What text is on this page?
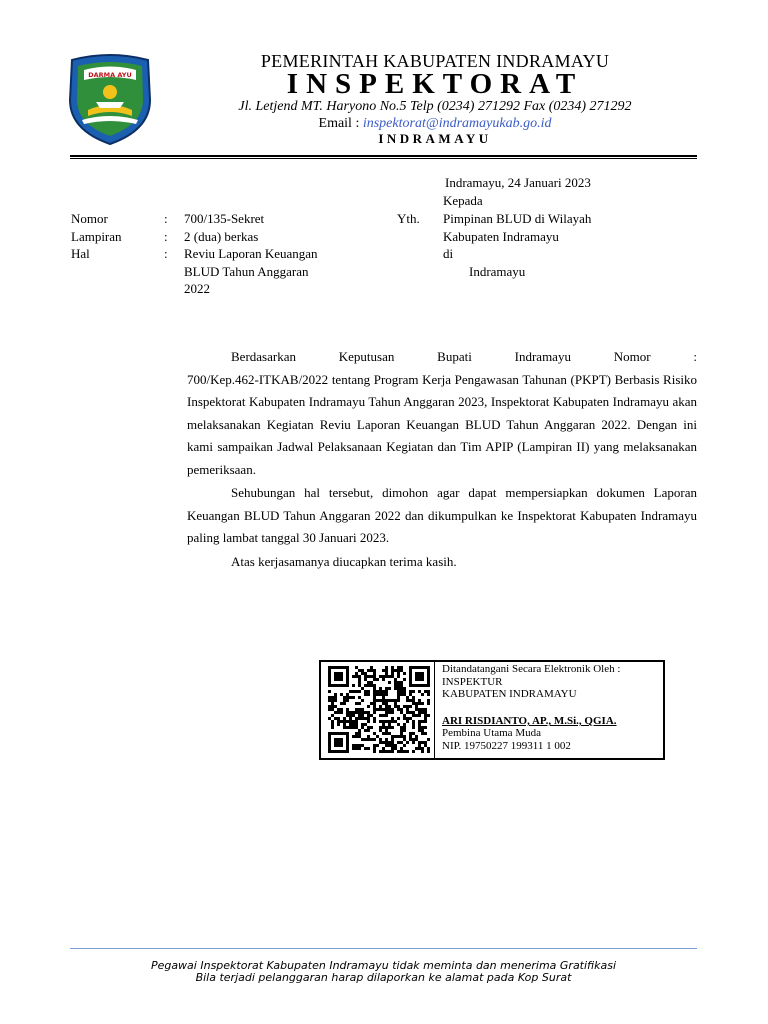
DARMA AYU
PEMERINTAH KABUPATEN INDRAMAYU
INSPEKTORAT
Jl. Letjend MT. Haryono No.5 Telp (0234) 271292 Fax (0234) 271292
Email : inspektorat@indramayukab.go.id
INDRAMAYU
Indramayu, 24 Januari 2023
Kepada
Yth. Pimpinan BLUD di Wilayah
Kabupaten Indramayu
di
Indramayu
Nomor	: 700/135-Sekret
Lampiran	: 2 (dua) berkas
Hal	: Reviu Laporan Keuangan
BLUD Tahun Anggaran
2022

Berdasarkan Keputusan Bupati Indramayu Nomor :

700/Kep.462-ITKAB/2022 tentang Program Kerja Pengawasan Tahunan (PKPT) Berbasis Risiko Inspektorat Kabupaten Indramayu Tahun Anggaran 2023, Inspektorat Kabupaten Indramayu akan melaksanakan Kegiatan Reviu Laporan Keuangan BLUD Tahun Anggaran 2022. Dengan ini kami sampaikan Jadwal Pelaksanaan Kegiatan dan Tim APIP (Lampiran II) yang melaksanakan pemeriksaan.

Sehubungan hal tersebut, dimohon agar dapat mempersiapkan dokumen Laporan Keuangan BLUD Tahun Anggaran 2022 dan dikumpulkan ke Inspektorat Kabupaten Indramayu paling lambat tanggal 30 Januari 2023.

Atas kerjasamanya diucapkan terima kasih.

Ditandatangani Secara Elektronik Oleh :
INSPEKTUR
KABUPATEN INDRAMAYU
ARI RISDIANTO, AP., M.Si., QGIA.
Pembina Utama Muda
NIP. 19750227 199311 1 002
Pegawai Inspektorat Kabupaten Indramayu tidak meminta dan menerima Gratifikasi
Bila terjadi pelanggaran harap dilaporkan ke alamat pada Kop Surat
